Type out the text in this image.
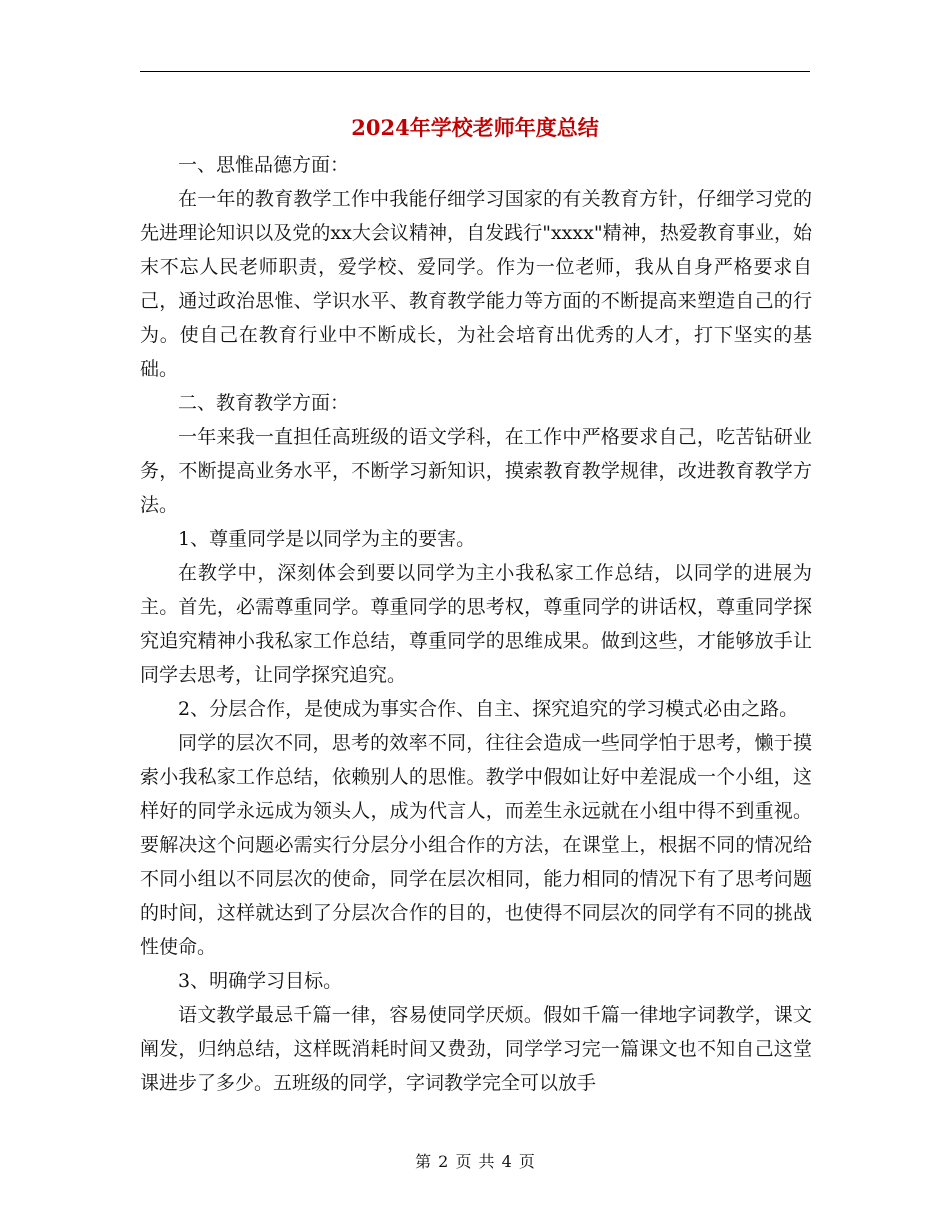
2024年学校老师年度总结

一、思惟品德方面：

在一年的教育教学工作中我能仔细学习国家的有关教育方针，仔细学习党的先进理论知识以及党的xx大会议精神，自发践行"xxxx"精神，热爱教育事业，始末不忘人民老师职责，爱学校、爱同学。作为一位老师，我从自身严格要求自己，通过政治思惟、学识水平、教育教学能力等方面的不断提高来塑造自己的行为。使自己在教育行业中不断成长，为社会培育出优秀的人才，打下坚实的基础。

二、教育教学方面：

一年来我一直担任高班级的语文学科，在工作中严格要求自己，吃苦钻研业务，不断提高业务水平，不断学习新知识，摸索教育教学规律，改进教育教学方法。

1、尊重同学是以同学为主的要害。

在教学中，深刻体会到要以同学为主小我私家工作总结，以同学的进展为主。首先，必需尊重同学。尊重同学的思考权，尊重同学的讲话权，尊重同学探究追究精神小我私家工作总结，尊重同学的思维成果。做到这些，才能够放手让同学去思考，让同学探究追究。

2、分层合作，是使成为事实合作、自主、探究追究的学习模式必由之路。

同学的层次不同，思考的效率不同，往往会造成一些同学怕于思考，懒于摸索小我私家工作总结，依赖别人的思惟。教学中假如让好中差混成一个小组，这样好的同学永远成为领头人，成为代言人，而差生永远就在小组中得不到重视。要解决这个问题必需实行分层分小组合作的方法，在课堂上，根据不同的情况给不同小组以不同层次的使命，同学在层次相同，能力相同的情况下有了思考问题的时间，这样就达到了分层次合作的目的，也使得不同层次的同学有不同的挑战性使命。

3、明确学习目标。

语文教学最忌千篇一律，容易使同学厌烦。假如千篇一律地字词教学，课文阐发，归纳总结，这样既消耗时间又费劲，同学学习完一篇课文也不知自己这堂课进步了多少。五班级的同学，字词教学完全可以放手

第 2 页 共 4 页
